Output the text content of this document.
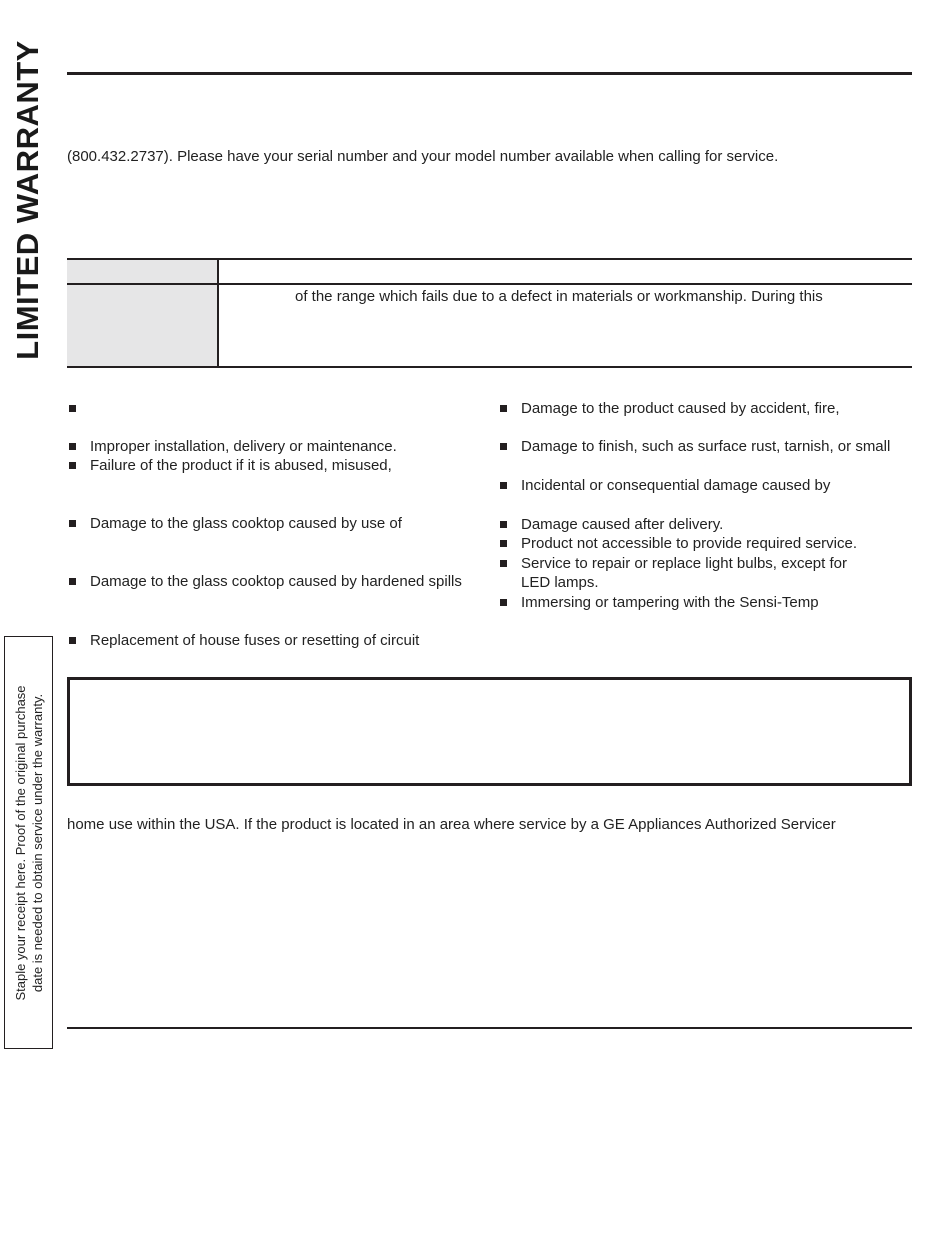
LIMITED WARRANTY (800.432.2737). Please have your serial number and your model number available when calling for service.
of the range which fails due to a defect in materials or workmanship. During this
Improper installation, delivery or maintenance.
Failure of the product if it is abused, misused,
Damage to the glass cooktop caused by use of
Damage to the glass cooktop caused by hardened spills
Replacement of house fuses or resetting of circuit
Damage to the product caused by accident, fire,
Damage to finish, such as surface rust, tarnish, or small
Incidental or consequential damage caused by
Damage caused after delivery.
Product not accessible to provide required service.
Service to repair or replace light bulbs, except for
LED lamps.
Immersing or tampering with the Sensi-Temp
home use within the USA. If the product is located in an area where service by a GE Appliances Authorized Servicer
Staple your receipt here. Proof of the original purchase date is needed to obtain service under the warranty.
